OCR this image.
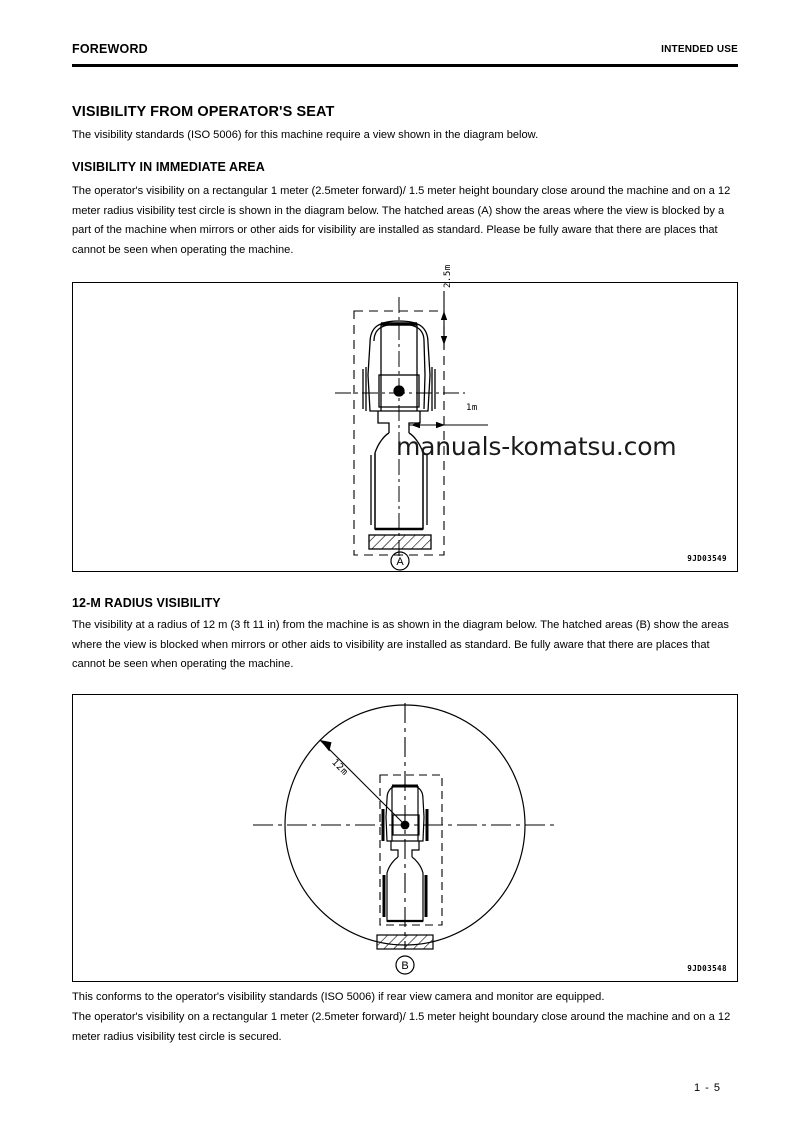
FOREWORD	INTENDED USE
VISIBILITY FROM OPERATOR'S SEAT
The visibility standards (ISO 5006) for this machine require a view shown in the diagram below.
VISIBILITY IN IMMEDIATE AREA
The operator's visibility on a rectangular 1 meter (2.5meter forward)/ 1.5 meter height boundary close around the machine and on a 12 meter radius visibility test circle is shown in the diagram below. The hatched areas (A) show the areas where the view is blocked by a part of the machine when mirrors or other aids for visibility are installed as standard. Please be fully aware that there are places that cannot be seen when operating the machine.
A
2.5m
1m
9JD03549
manuals-komatsu.com
12-M RADIUS VISIBILITY
The visibility at a radius of 12 m (3 ft 11 in) from the machine is as shown in the diagram below. The hatched areas (B) show the areas where the view is blocked when mirrors or other aids to visibility are installed as standard. Be fully aware that there are places that cannot be seen when operating the machine.
B
12m
9JD03548
This conforms to the operator's visibility standards (ISO 5006) if rear view camera and monitor are equipped.
The operator's visibility on a rectangular 1 meter (2.5meter forward)/ 1.5 meter height boundary close around the machine and on a 12 meter radius visibility test circle is secured.
1 - 5
